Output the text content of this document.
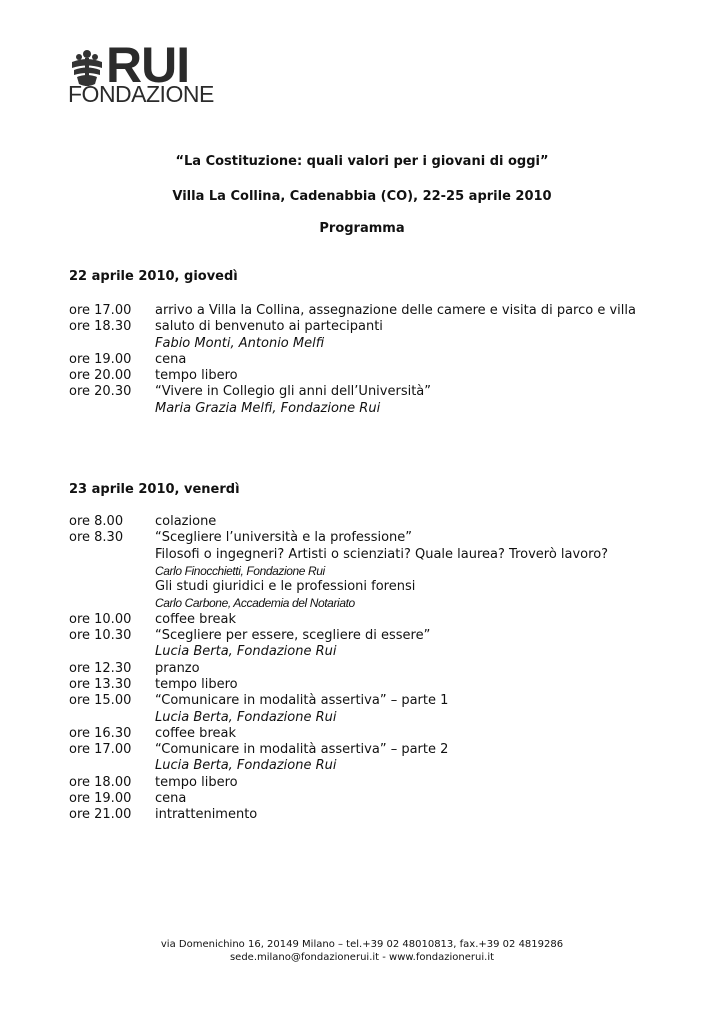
RUI
FONDAZIONE
“La Costituzione: quali valori per i giovani di oggi”
Villa La Collina, Cadenabbia (CO), 22-25 aprile 2010
Programma
22 aprile 2010, giovedì
ore 17.00	arrivo a Villa la Collina, assegnazione delle camere e visita di parco e villa
ore 18.30	saluto di benvenuto ai partecipanti
Fabio Monti, Antonio Melfi
ore 19.00	cena
ore 20.00	tempo libero
ore 20.30	“Vivere in Collegio gli anni dell’Università”
Maria Grazia Melfi, Fondazione Rui
23 aprile 2010, venerdì
ore 8.00	colazione
ore 8.30	“Scegliere l’università e la professione”
Filosofi o ingegneri? Artisti o scienziati? Quale laurea? Troverò lavoro?
Carlo Finocchietti, Fondazione Rui
Gli studi giuridici e le professioni forensi
Carlo Carbone, Accademia del Notariato
ore 10.00	coffee break
ore 10.30	“Scegliere per essere, scegliere di essere”
Lucia Berta, Fondazione Rui
ore 12.30	pranzo
ore 13.30	tempo libero
ore 15.00	“Comunicare in modalità assertiva” – parte 1
Lucia Berta, Fondazione Rui
ore 16.30	coffee break
ore 17.00	“Comunicare in modalità assertiva” – parte 2
Lucia Berta, Fondazione Rui
ore 18.00	tempo libero
ore 19.00	cena
ore 21.00	intrattenimento
via Domenichino 16, 20149 Milano – tel.+39 02 48010813, fax.+39 02 4819286
sede.milano@fondazionerui.it - www.fondazionerui.it
